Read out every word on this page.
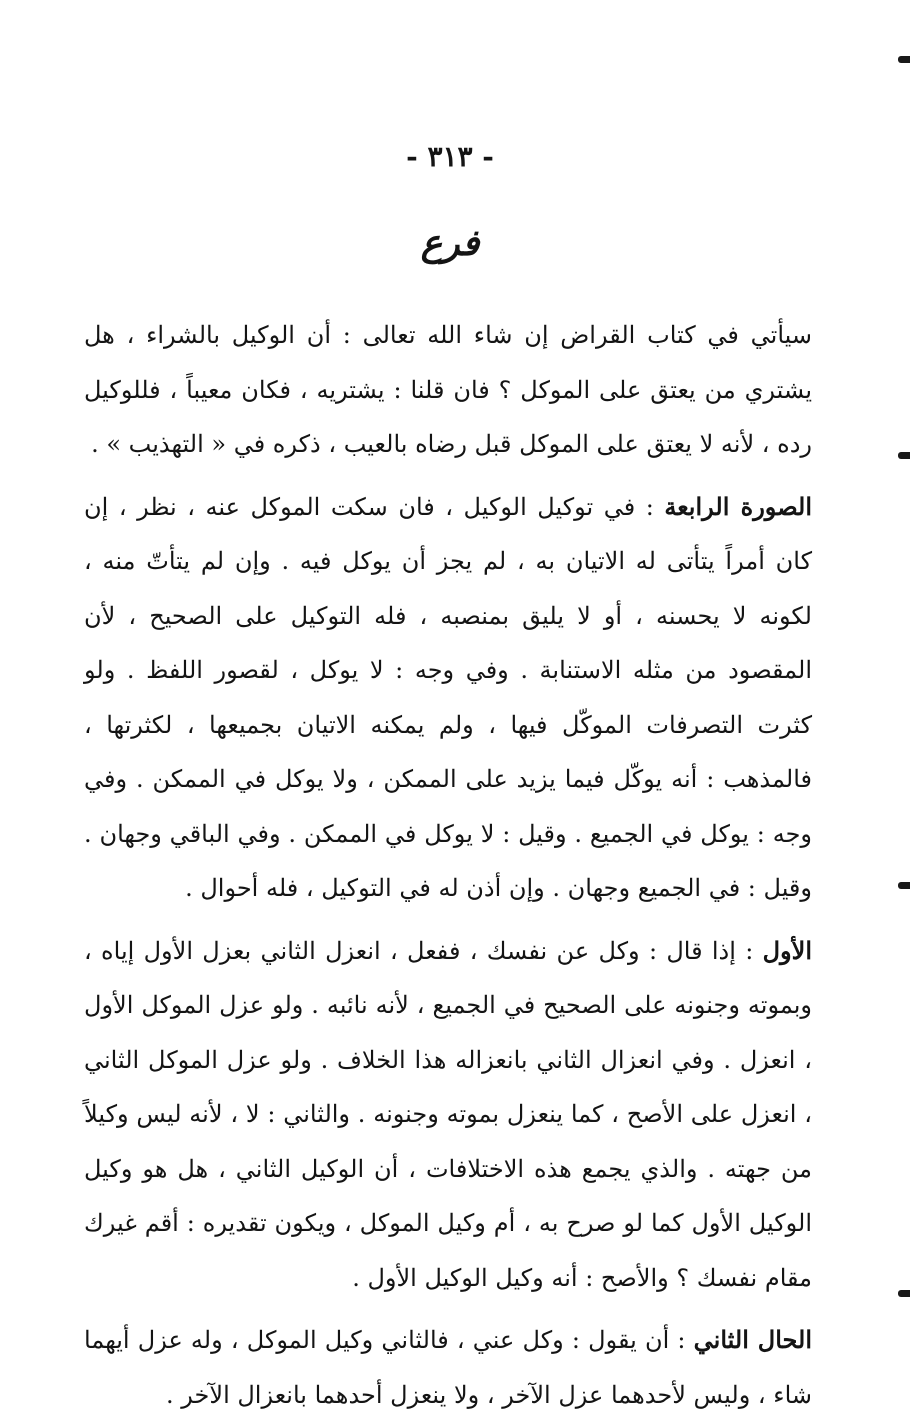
- ٣١٣ -
فرع

سيأتي في كتاب القراض إن شاء الله تعالى : أن الوكيل بالشراء ، هل يشتري من يعتق على الموكل ؟ فان قلنا : يشتريه ، فكان معيباً ، فللوكيل رده ، لأنه لا يعتق على الموكل قبل رضاه بالعيب ، ذكره في « التهذيب » .

الصورة الرابعة : في توكيل الوكيل ، فان سكت الموكل عنه ، نظر ، إن كان أمراً يتأتى له الاتيان به ، لم يجز أن يوكل فيه . وإن لم يتأتّ منه ، لكونه لا يحسنه ، أو لا يليق بمنصبه ، فله التوكيل على الصحيح ، لأن المقصود من مثله الاستنابة . وفي وجه : لا يوكل ، لقصور اللفظ . ولو كثرت التصرفات الموكّل فيها ، ولم يمكنه الاتيان بجميعها ، لكثرتها ، فالمذهب : أنه يوكّل فيما يزيد على الممكن ، ولا يوكل في الممكن . وفي وجه : يوكل في الجميع . وقيل : لا يوكل في الممكن . وفي الباقي وجهان . وقيل : في الجميع وجهان . وإن أذن له في التوكيل ، فله أحوال .

الأول : إذا قال : وكل عن نفسك ، ففعل ، انعزل الثاني بعزل الأول إياه ، وبموته وجنونه على الصحيح في الجميع ، لأنه نائبه . ولو عزل الموكل الأول ، انعزل . وفي انعزال الثاني بانعزاله هذا الخلاف . ولو عزل الموكل الثاني ، انعزل على الأصح ، كما ينعزل بموته وجنونه . والثاني : لا ، لأنه ليس وكيلاً من جهته . والذي يجمع هذه الاختلافات ، أن الوكيل الثاني ، هل هو وكيل الوكيل الأول كما لو صرح به ، أم وكيل الموكل ، ويكون تقديره : أقم غيرك مقام نفسك ؟ والأصح : أنه وكيل الوكيل الأول .

الحال الثاني : أن يقول : وكل عني ، فالثاني وكيل الموكل ، وله عزل أيهما شاء ، وليس لأحدهما عزل الآخر ، ولا ينعزل أحدهما بانعزال الآخر .
